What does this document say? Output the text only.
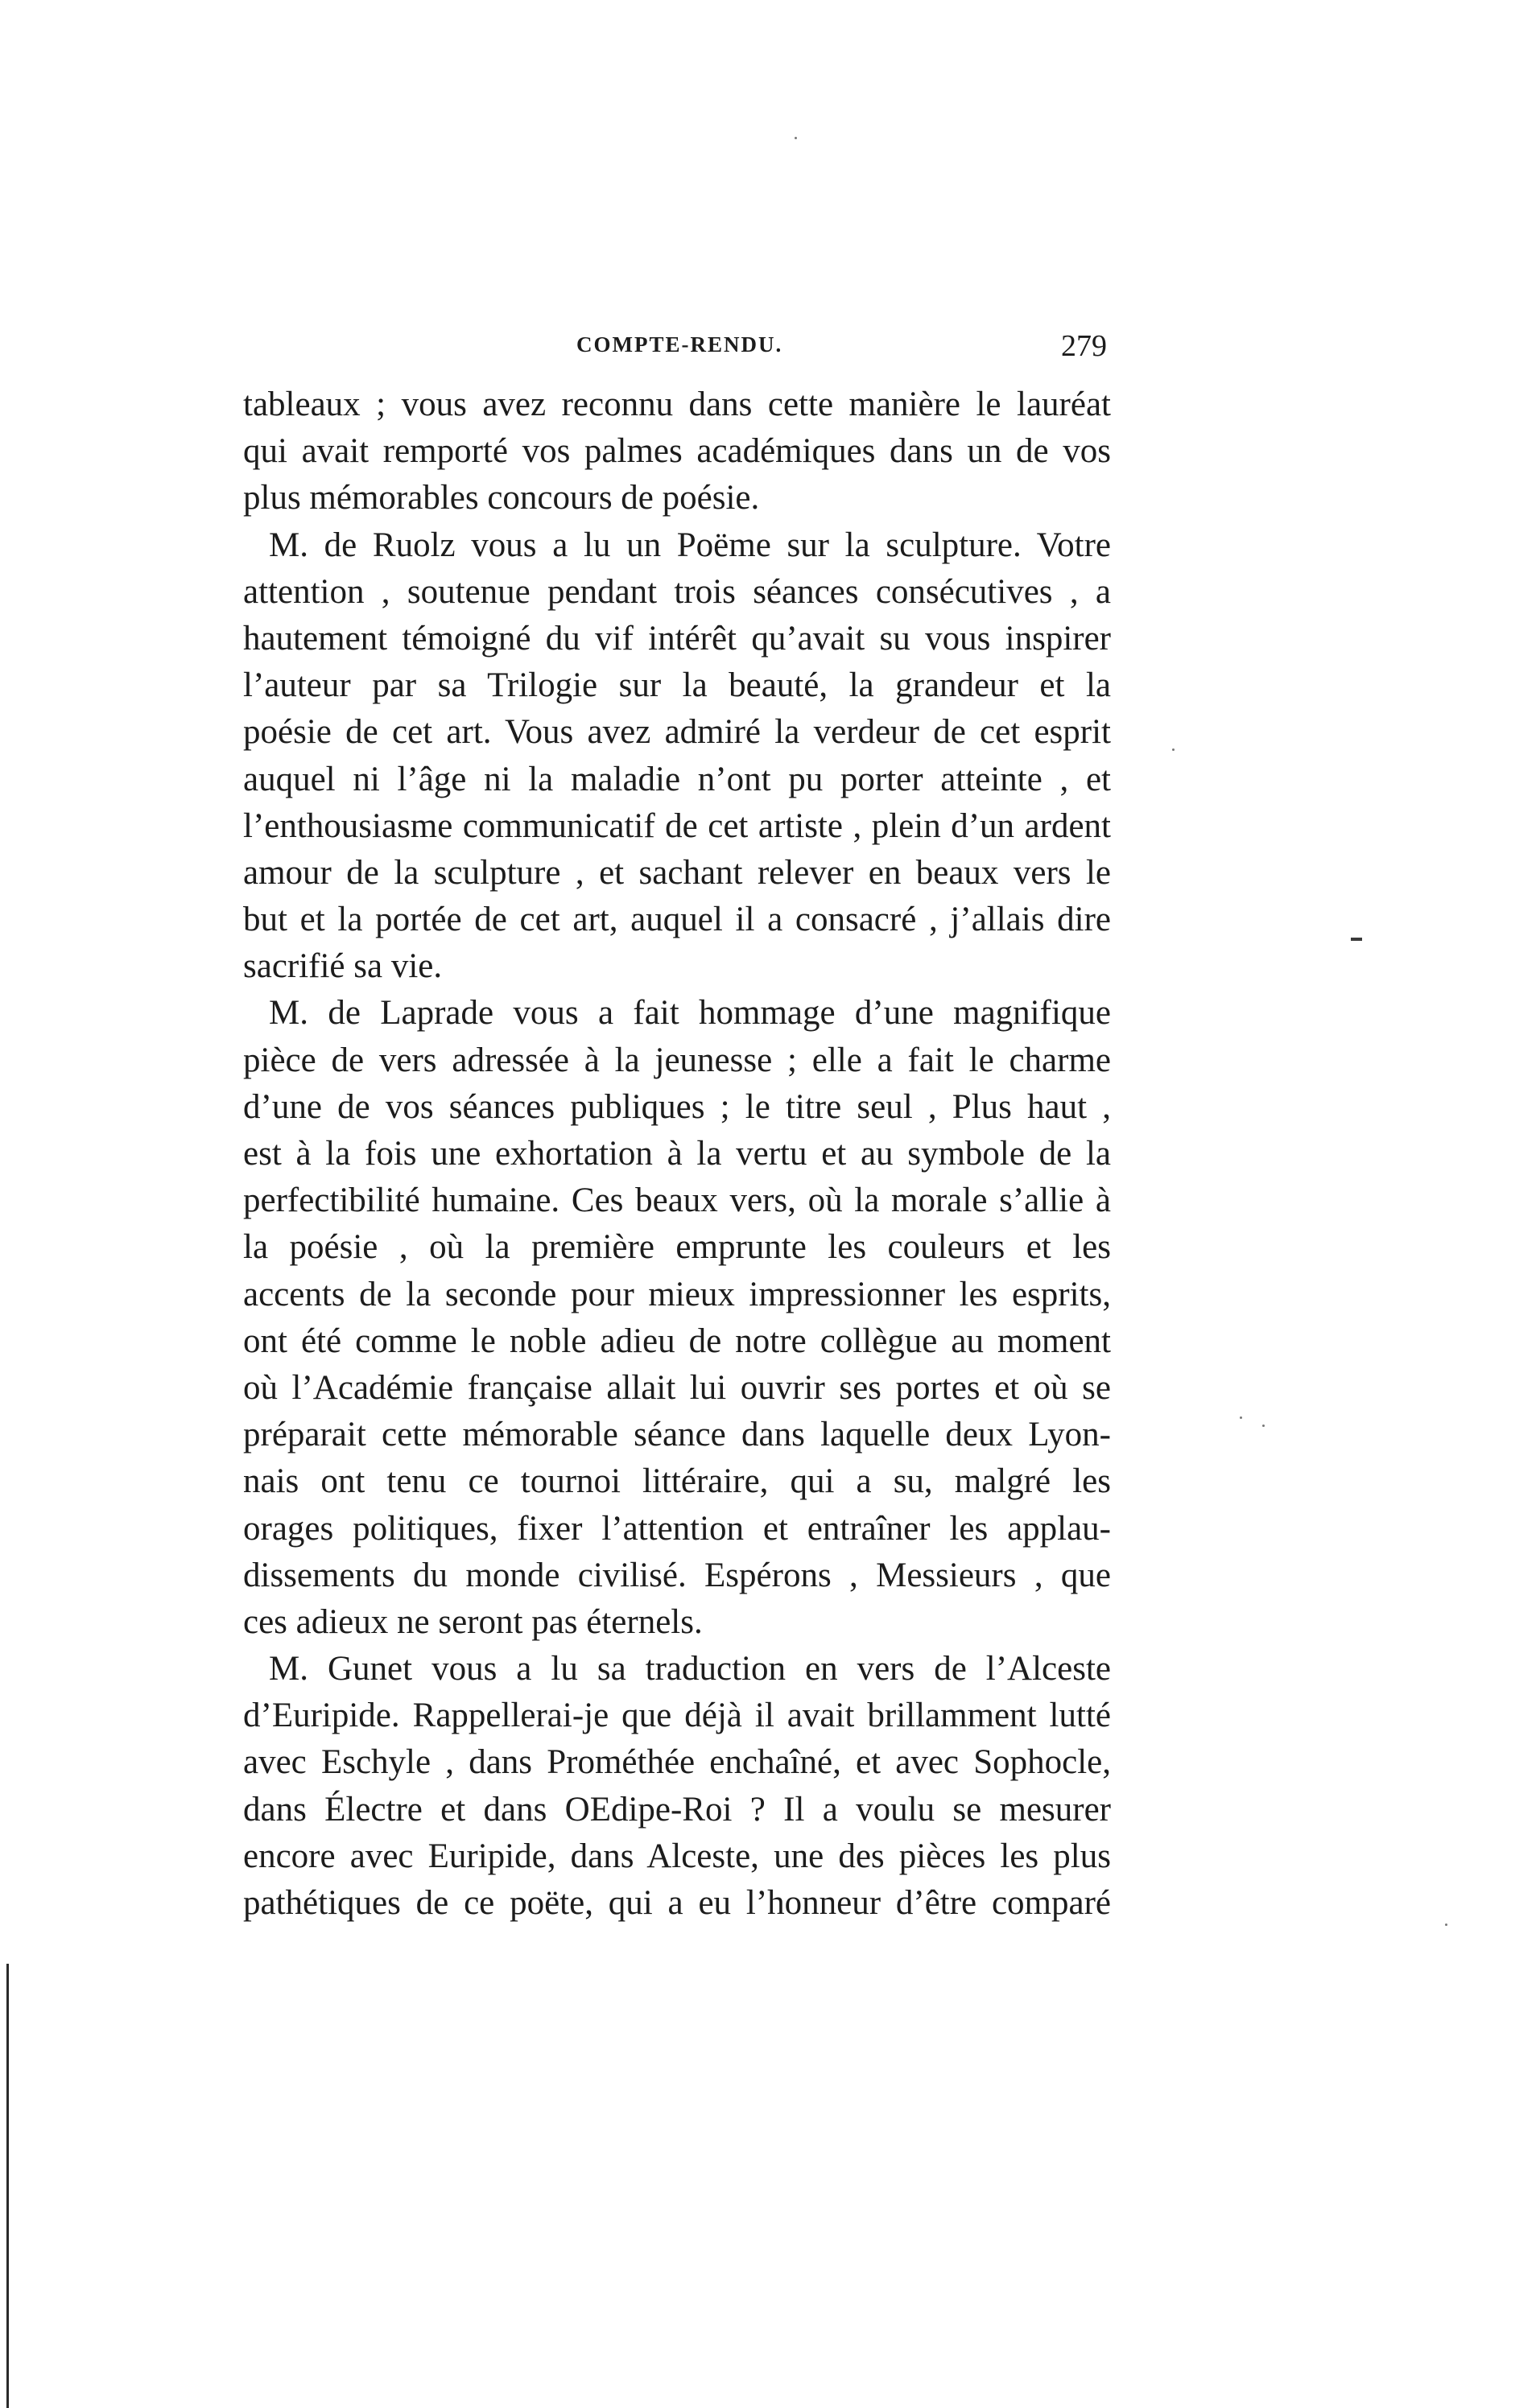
COMPTE-RENDU.	279
tableaux ; vous avez reconnu dans cette manière le lauréat
qui avait remporté vos palmes académiques dans un de vos
plus mémorables concours de poésie.
M. de Ruolz vous a lu un Poëme sur la sculpture. Votre
attention , soutenue pendant trois séances consécutives , a
hautement témoigné du vif intérêt qu’avait su vous inspirer
l’auteur par sa Trilogie sur la beauté, la grandeur et la
poésie de cet art. Vous avez admiré la verdeur de cet esprit
auquel ni l’âge ni la maladie n’ont pu porter atteinte , et
l’enthousiasme communicatif de cet artiste , plein d’un ardent
amour de la sculpture , et sachant relever en beaux vers le
but et la portée de cet art, auquel il a consacré , j’allais dire
sacrifié sa vie.
M. de Laprade vous a fait hommage d’une magnifique
pièce de vers adressée à la jeunesse ; elle a fait le charme
d’une de vos séances publiques ; le titre seul , Plus haut ,
est à la fois une exhortation à la vertu et au symbole de la
perfectibilité humaine. Ces beaux vers, où la morale s’allie à
la poésie , où la première emprunte les couleurs et les
accents de la seconde pour mieux impressionner les esprits,
ont été comme le noble adieu de notre collègue au moment
où l’Académie française allait lui ouvrir ses portes et où se
préparait cette mémorable séance dans laquelle deux Lyon-
nais ont tenu ce tournoi littéraire, qui a su, malgré les
orages politiques, fixer l’attention et entraîner les applau-
dissements du monde civilisé. Espérons , Messieurs , que
ces adieux ne seront pas éternels.
M. Gunet vous a lu sa traduction en vers de l’Alceste
d’Euripide. Rappellerai-je que déjà il avait brillamment lutté
avec Eschyle , dans Prométhée enchaîné, et avec Sophocle,
dans Électre et dans OEdipe-Roi ? Il a voulu se mesurer
encore avec Euripide, dans Alceste, une des pièces les plus
pathétiques de ce poëte, qui a eu l’honneur d’être comparé
